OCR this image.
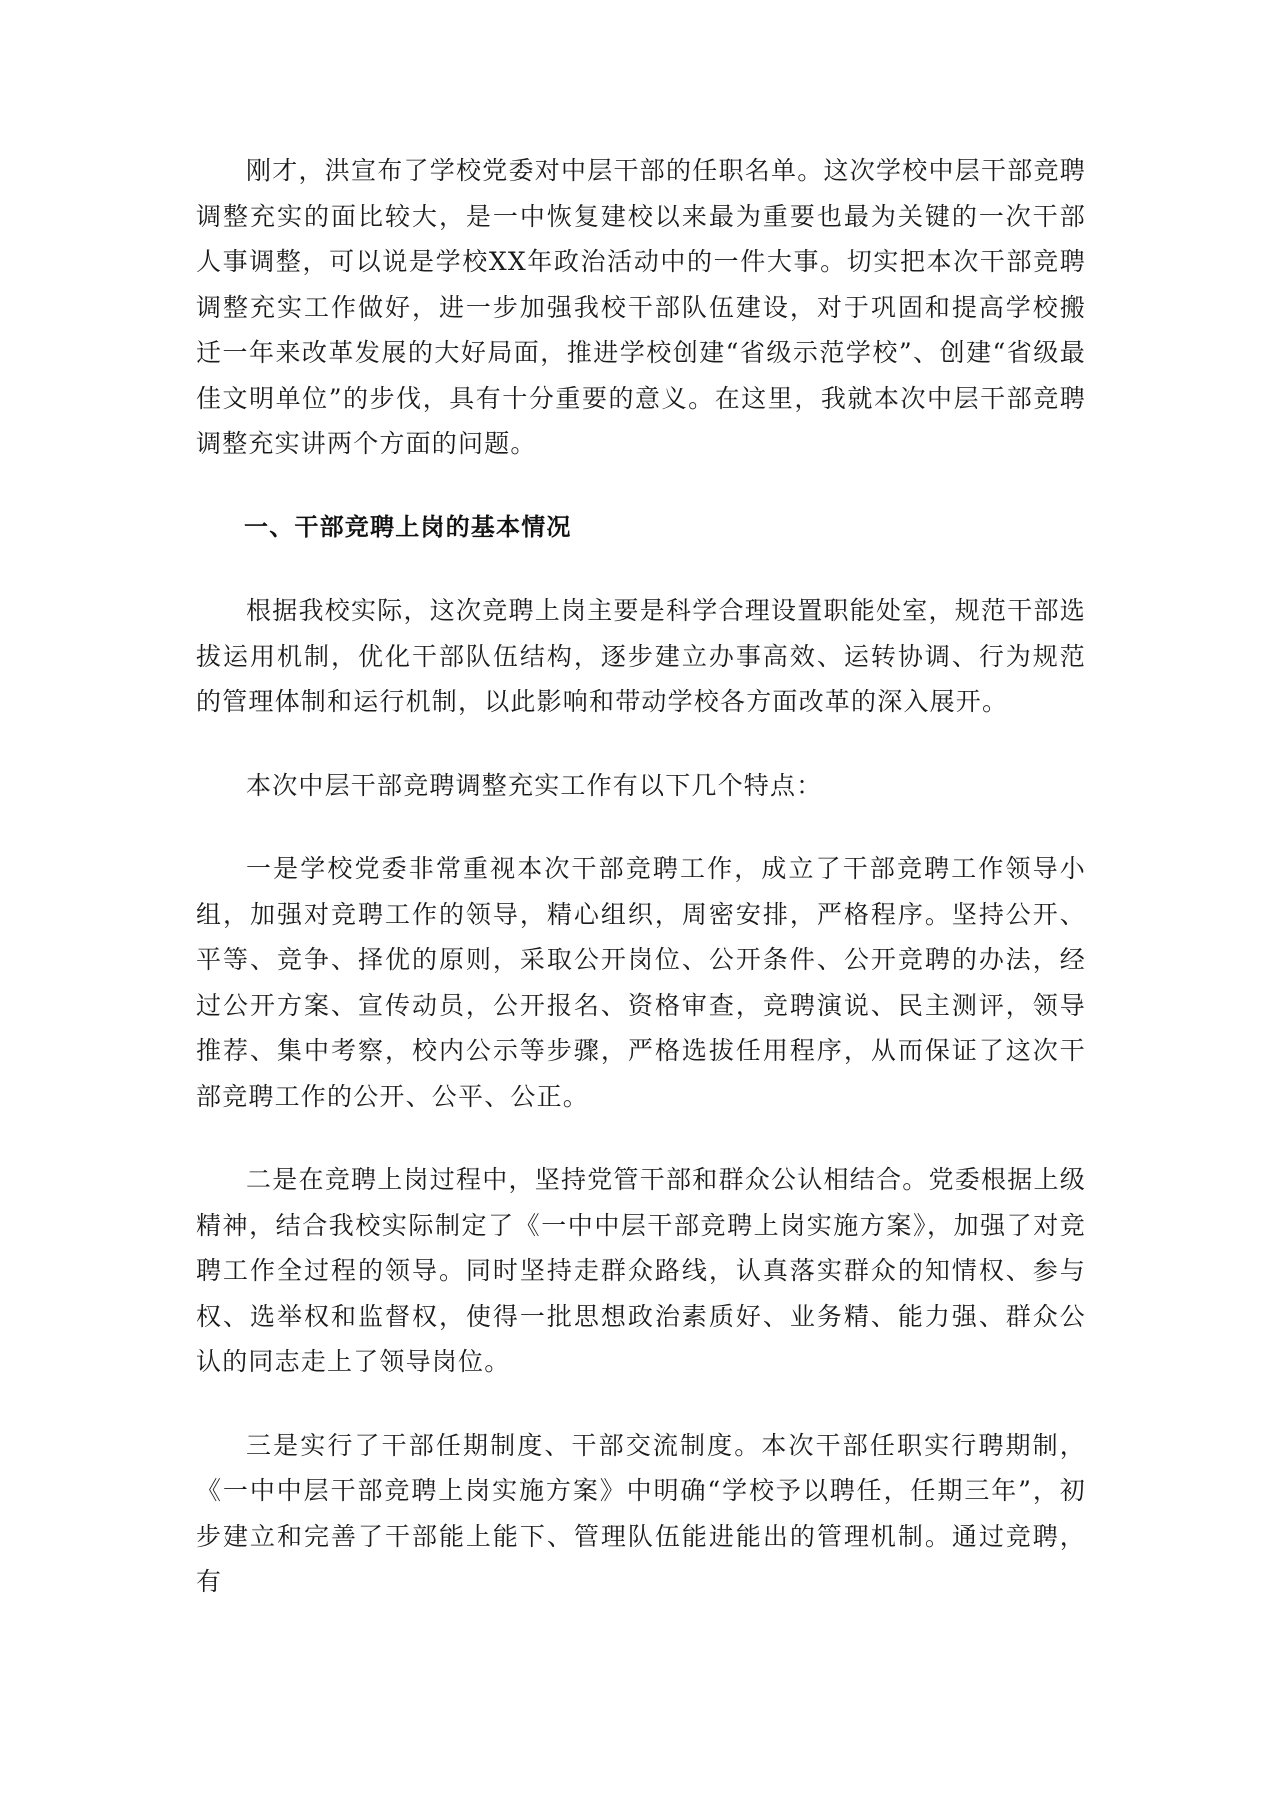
刚才，洪宣布了学校党委对中层干部的任职名单。这次学校中层干部竞聘调整充实的面比较大，是一中恢复建校以来最为重要也最为关键的一次干部人事调整，可以说是学校XX年政治活动中的一件大事。切实把本次干部竞聘调整充实工作做好，进一步加强我校干部队伍建设，对于巩固和提高学校搬迁一年来改革发展的大好局面，推进学校创建“省级示范学校”、创建“省级最佳文明单位”的步伐，具有十分重要的意义。在这里，我就本次中层干部竞聘调整充实讲两个方面的问题。

一、干部竞聘上岗的基本情况

根据我校实际，这次竞聘上岗主要是科学合理设置职能处室，规范干部选拔运用机制，优化干部队伍结构，逐步建立办事高效、运转协调、行为规范的管理体制和运行机制，以此影响和带动学校各方面改革的深入展开。

本次中层干部竞聘调整充实工作有以下几个特点：

一是学校党委非常重视本次干部竞聘工作，成立了干部竞聘工作领导小组，加强对竞聘工作的领导，精心组织，周密安排，严格程序。坚持公开、平等、竞争、择优的原则，采取公开岗位、公开条件、公开竞聘的办法，经过公开方案、宣传动员，公开报名、资格审查，竞聘演说、民主测评，领导推荐、集中考察，校内公示等步骤，严格选拔任用程序，从而保证了这次干部竞聘工作的公开、公平、公正。

二是在竞聘上岗过程中，坚持党管干部和群众公认相结合。党委根据上级精神，结合我校实际制定了《一中中层干部竞聘上岗实施方案》，加强了对竞聘工作全过程的领导。同时坚持走群众路线，认真落实群众的知情权、参与权、选举权和监督权，使得一批思想政治素质好、业务精、能力强、群众公认的同志走上了领导岗位。

三是实行了干部任期制度、干部交流制度。本次干部任职实行聘期制，《一中中层干部竞聘上岗实施方案》中明确“学校予以聘任，任期三年”，初步建立和完善了干部能上能下、管理队伍能进能出的管理机制。通过竞聘，有
